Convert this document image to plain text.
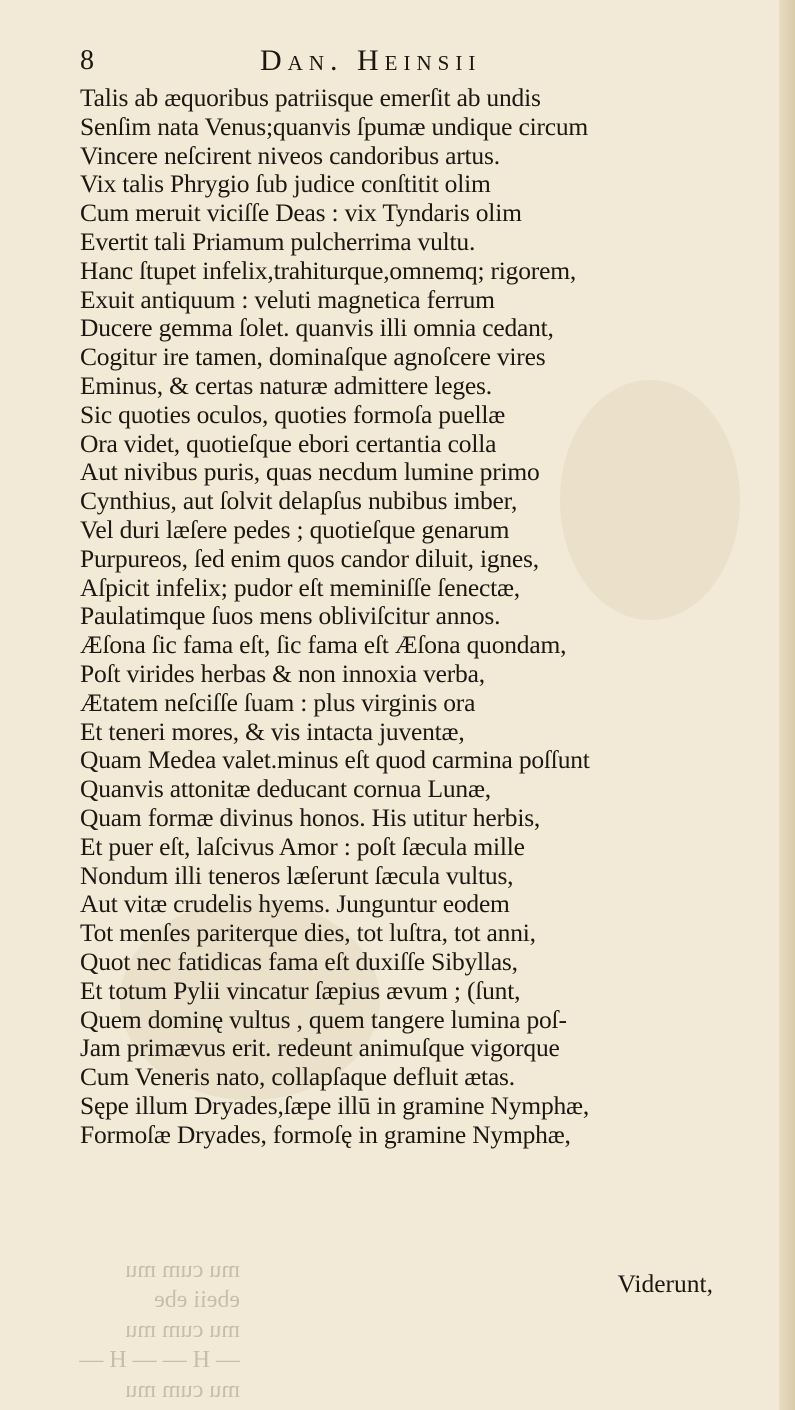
8	Dan. Heinsii
Talis ab æquoribus patriisque emerſit ab undis
Senſim nata Venus;quanvis ſpumæ undique circum
Vincere neſcirent niveos candoribus artus.
Vix talis Phrygio ſub judice conſtitit olim
Cum meruit viciſſe Deas : vix Tyndaris olim
Evertit tali Priamum pulcherrima vultu.
Hanc ſtupet infelix,trahiturque,omnemq; rigorem,
Exuit antiquum : veluti magnetica ferrum
Ducere gemma ſolet. quanvis illi omnia cedant,
Cogitur ire tamen, dominaſque agnoſcere vires
Eminus, & certas naturæ admittere leges.
Sic quoties oculos, quoties formoſa puellæ
Ora videt, quotieſque ebori certantia colla
Aut nivibus puris, quas necdum lumine primo
Cynthius, aut ſolvit delapſus nubibus imber,
Vel duri læſere pedes ; quotieſque genarum
Purpureos, ſed enim quos candor diluit, ignes,
Aſpicit infelix; pudor eſt meminiſſe ſenectæ,
Paulatimque ſuos mens obliviſcitur annos.
Æſona ſic fama eſt, ſic fama eſt Æſona quondam,
Poſt virides herbas & non innoxia verba,
Ætatem neſciſſe ſuam : plus virginis ora
Et teneri mores, & vis intacta juventæ,
Quam Medea valet.minus eſt quod carmina poſſunt
Quanvis attonitæ deducant cornua Lunæ,
Quam formæ divinus honos. His utitur herbis,
Et puer eſt, laſcivus Amor : poſt ſæcula mille
Nondum illi teneros læſerunt ſæcula vultus,
Aut vitæ crudelis hyems. Junguntur eodem
Tot menſes pariterque dies, tot luſtra, tot anni,
Quot nec fatidicas fama eſt duxiſſe Sibyllas,
Et totum Pylii vincatur ſæpius ævum ; (ſunt,
Quem dominę vultus , quem tangere lumina poſ-
Jam primævus erit. redeunt animuſque vigorque
Cum Veneris nato, collapſaque defluit ætas.
Sępe illum Dryades,ſæpe illū in gramine Nymphæ,
Formoſæ Dryades, formoſę in gramine Nymphæ,
Viderunt,
mu cum mu
ebeii ebe
mu cum mu
— H — — H —
mu cum mu
